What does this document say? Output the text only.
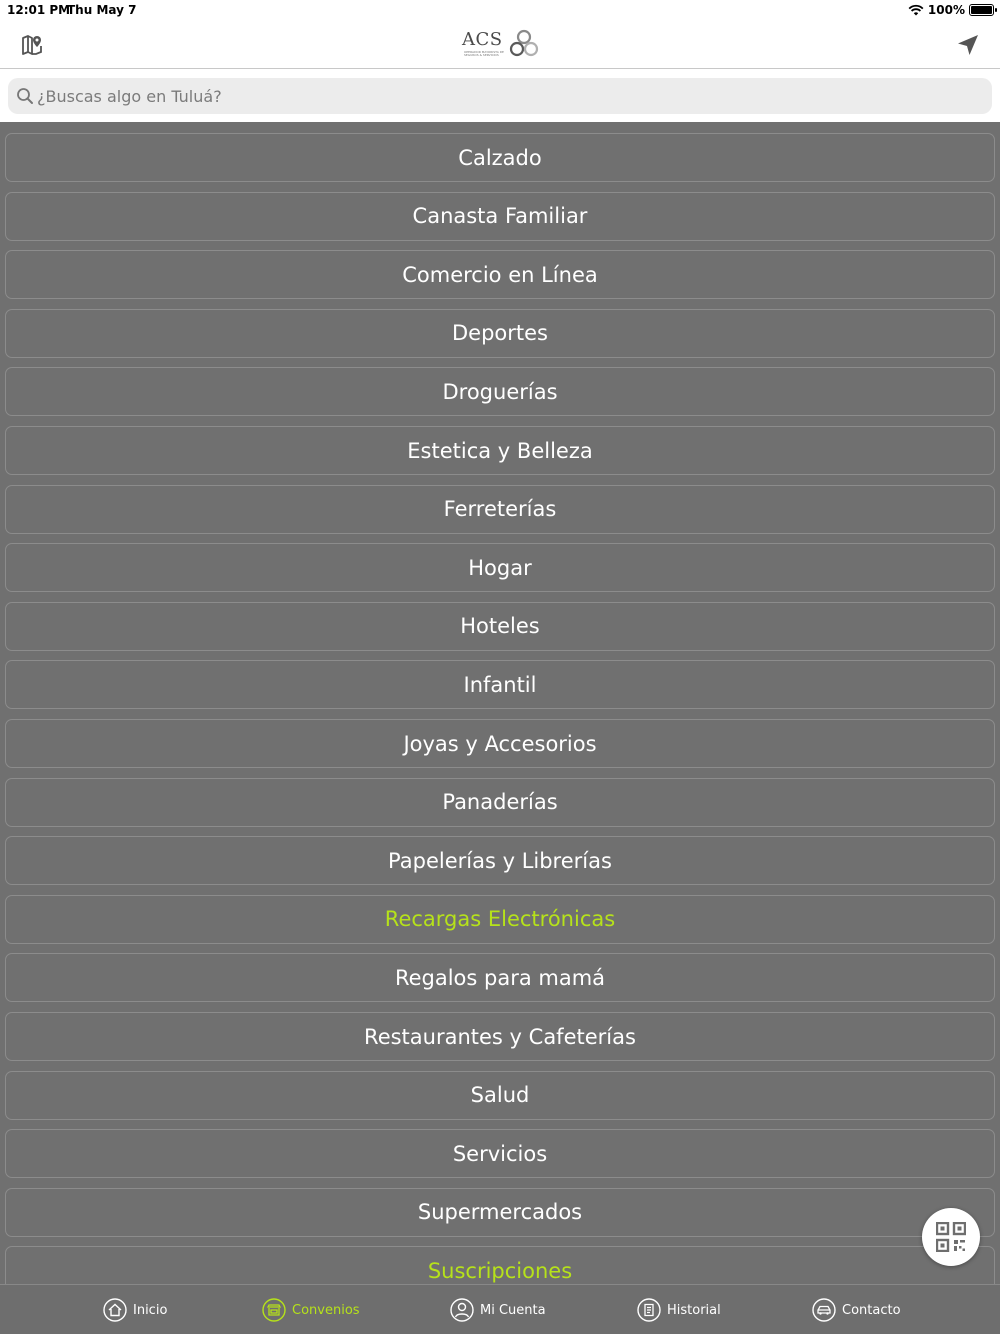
12:01 PM
Thu May 7	100%
ACS
OPERADOR MAYORISTA DE SEGUROS & SERVICIOS
¿Buscas algo en Tuluá?
Calzado
Canasta Familiar
Comercio en Línea
Deportes
Droguerías
Estetica y Belleza
Ferreterías
Hogar
Hoteles
Infantil
Joyas y Accesorios
Panaderías
Papelerías y Librerías
Recargas Electrónicas
Regalos para mamá
Restaurantes y Cafeterías
Salud
Servicios
Supermercados
Suscripciones
Inicio	Convenios	Mi Cuenta	Historial	Contacto
